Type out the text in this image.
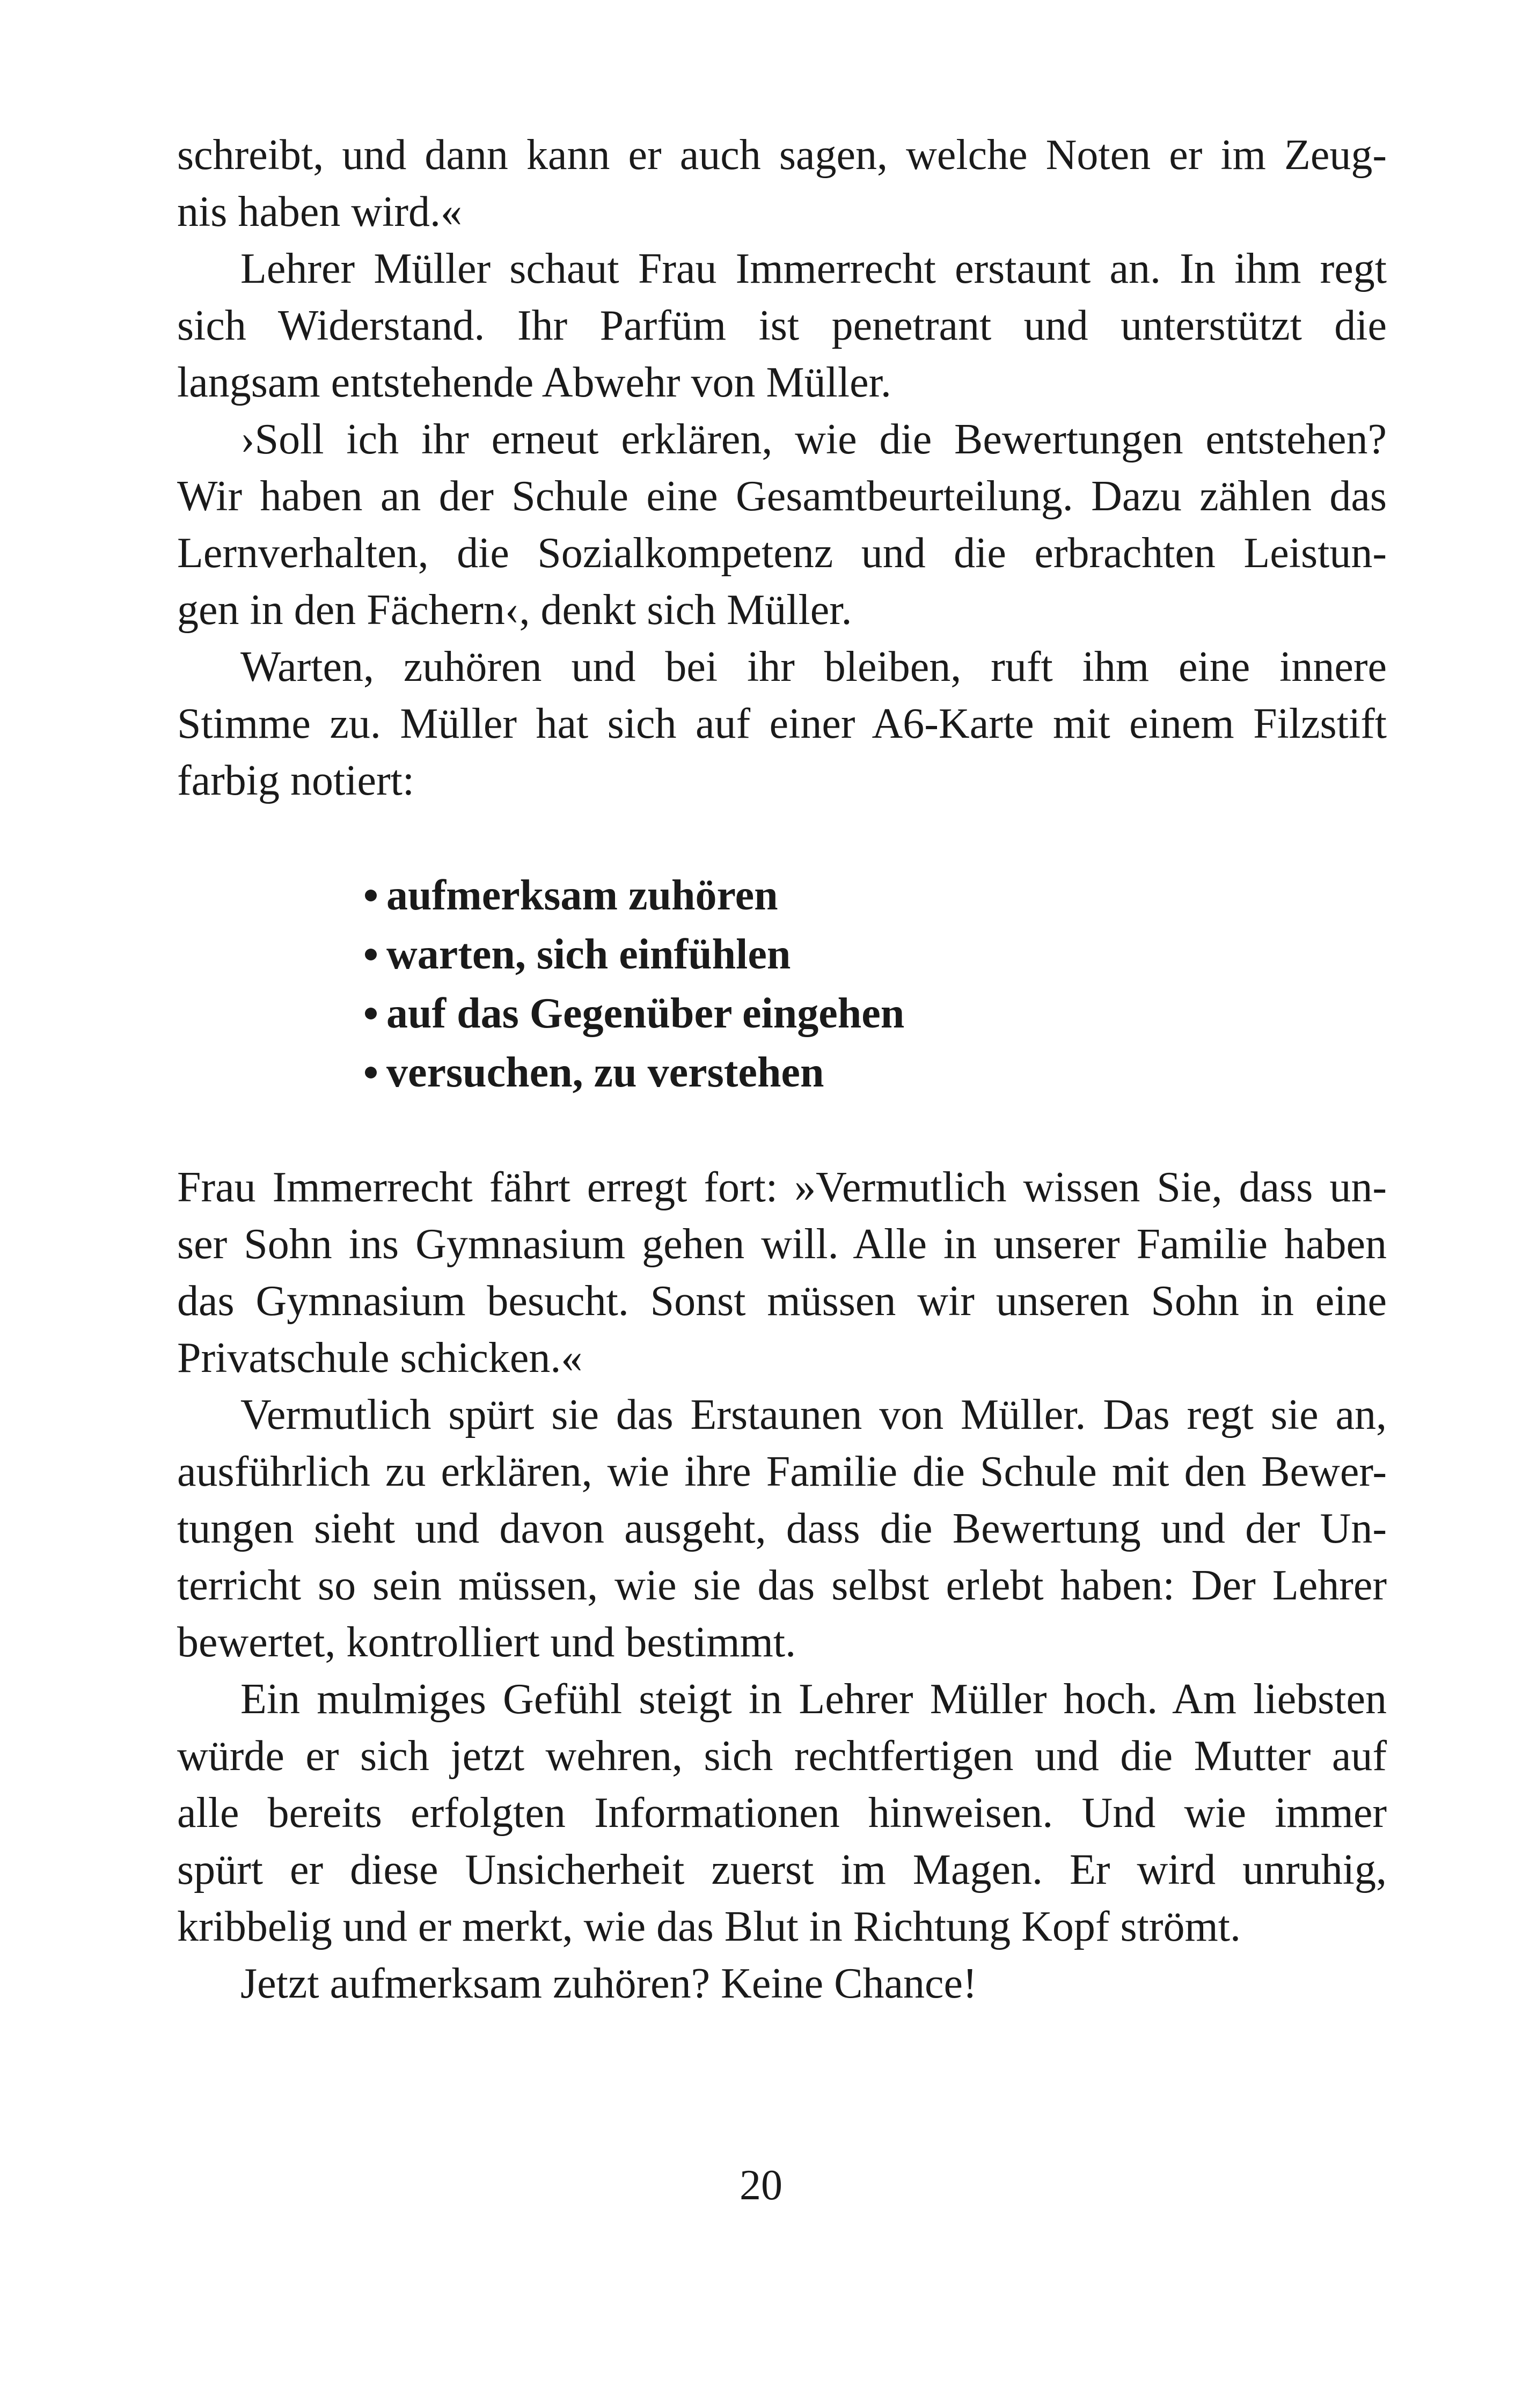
schreibt, und dann kann er auch sagen, welche Noten er im Zeug-
nis haben wird.«
Lehrer Müller schaut Frau Immerrecht erstaunt an. In ihm regt
sich Widerstand. Ihr Parfüm ist penetrant und unterstützt die
langsam entstehende Abwehr von Müller.
›Soll ich ihr erneut erklären, wie die Bewertungen entstehen?
Wir haben an der Schule eine Gesamtbeurteilung. Dazu zählen das
Lernverhalten, die Sozialkompetenz und die erbrachten Leistun-
gen in den Fächern‹, denkt sich Müller.
Warten, zuhören und bei ihr bleiben, ruft ihm eine innere
Stimme zu. Müller hat sich auf einer A6-Karte mit einem Filzstift
farbig notiert:
aufmerksam zuhören
warten, sich einfühlen
auf das Gegenüber eingehen
versuchen, zu verstehen
Frau Immerrecht fährt erregt fort: »Vermutlich wissen Sie, dass un-
ser Sohn ins Gymnasium gehen will. Alle in unserer Familie haben
das Gymnasium besucht. Sonst müssen wir unseren Sohn in eine
Privatschule schicken.«
Vermutlich spürt sie das Erstaunen von Müller. Das regt sie an,
ausführlich zu erklären, wie ihre Familie die Schule mit den Bewer-
tungen sieht und davon ausgeht, dass die Bewertung und der Un-
terricht so sein müssen, wie sie das selbst erlebt haben: Der Lehrer
bewertet, kontrolliert und bestimmt.
Ein mulmiges Gefühl steigt in Lehrer Müller hoch. Am liebsten
würde er sich jetzt wehren, sich rechtfertigen und die Mutter auf
alle bereits erfolgten Informationen hinweisen. Und wie immer
spürt er diese Unsicherheit zuerst im Magen. Er wird unruhig,
kribbelig und er merkt, wie das Blut in Richtung Kopf strömt.
Jetzt aufmerksam zuhören? Keine Chance!
20
